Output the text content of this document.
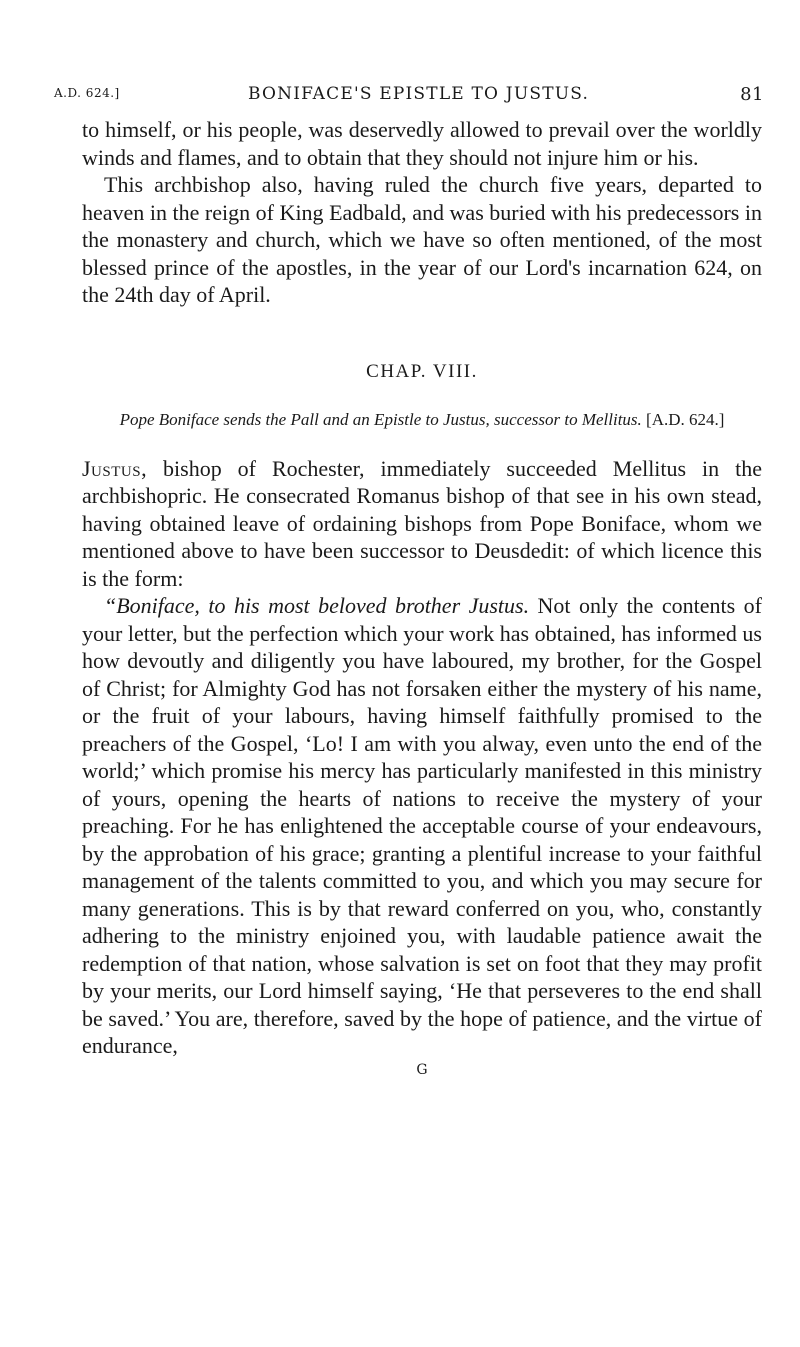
A.D. 624.]	BONIFACE'S EPISTLE TO JUSTUS.	81

to himself, or his people, was deservedly allowed to prevail over the worldly winds and flames, and to obtain that they should not injure him or his.

This archbishop also, having ruled the church five years, departed to heaven in the reign of King Eadbald, and was buried with his predecessors in the monastery and church, which we have so often mentioned, of the most blessed prince of the apostles, in the year of our Lord's incarnation 624, on the 24th day of April.

CHAP. VIII.
Pope Boniface sends the Pall and an Epistle to Justus, successor to Mellitus. [A.D. 624.]

Justus, bishop of Rochester, immediately succeeded Mellitus in the archbishopric. He consecrated Romanus bishop of that see in his own stead, having obtained leave of ordaining bishops from Pope Boniface, whom we mentioned above to have been successor to Deusdedit: of which licence this is the form:

“Boniface, to his most beloved brother Justus. Not only the contents of your letter, but the perfection which your work has obtained, has informed us how devoutly and diligently you have laboured, my brother, for the Gospel of Christ; for Almighty God has not forsaken either the mystery of his name, or the fruit of your labours, having himself faithfully promised to the preachers of the Gospel, ‘Lo! I am with you alway, even unto the end of the world;’ which promise his mercy has particularly manifested in this ministry of yours, opening the hearts of nations to receive the mystery of your preaching. For he has enlightened the acceptable course of your endeavours, by the approbation of his grace; granting a plentiful increase to your faithful management of the talents committed to you, and which you may secure for many generations. This is by that reward conferred on you, who, constantly adhering to the ministry enjoined you, with laudable patience await the redemption of that nation, whose salvation is set on foot that they may profit by your merits, our Lord himself saying, ‘He that perseveres to the end shall be saved.’ You are, therefore, saved by the hope of patience, and the virtue of endurance,

G
